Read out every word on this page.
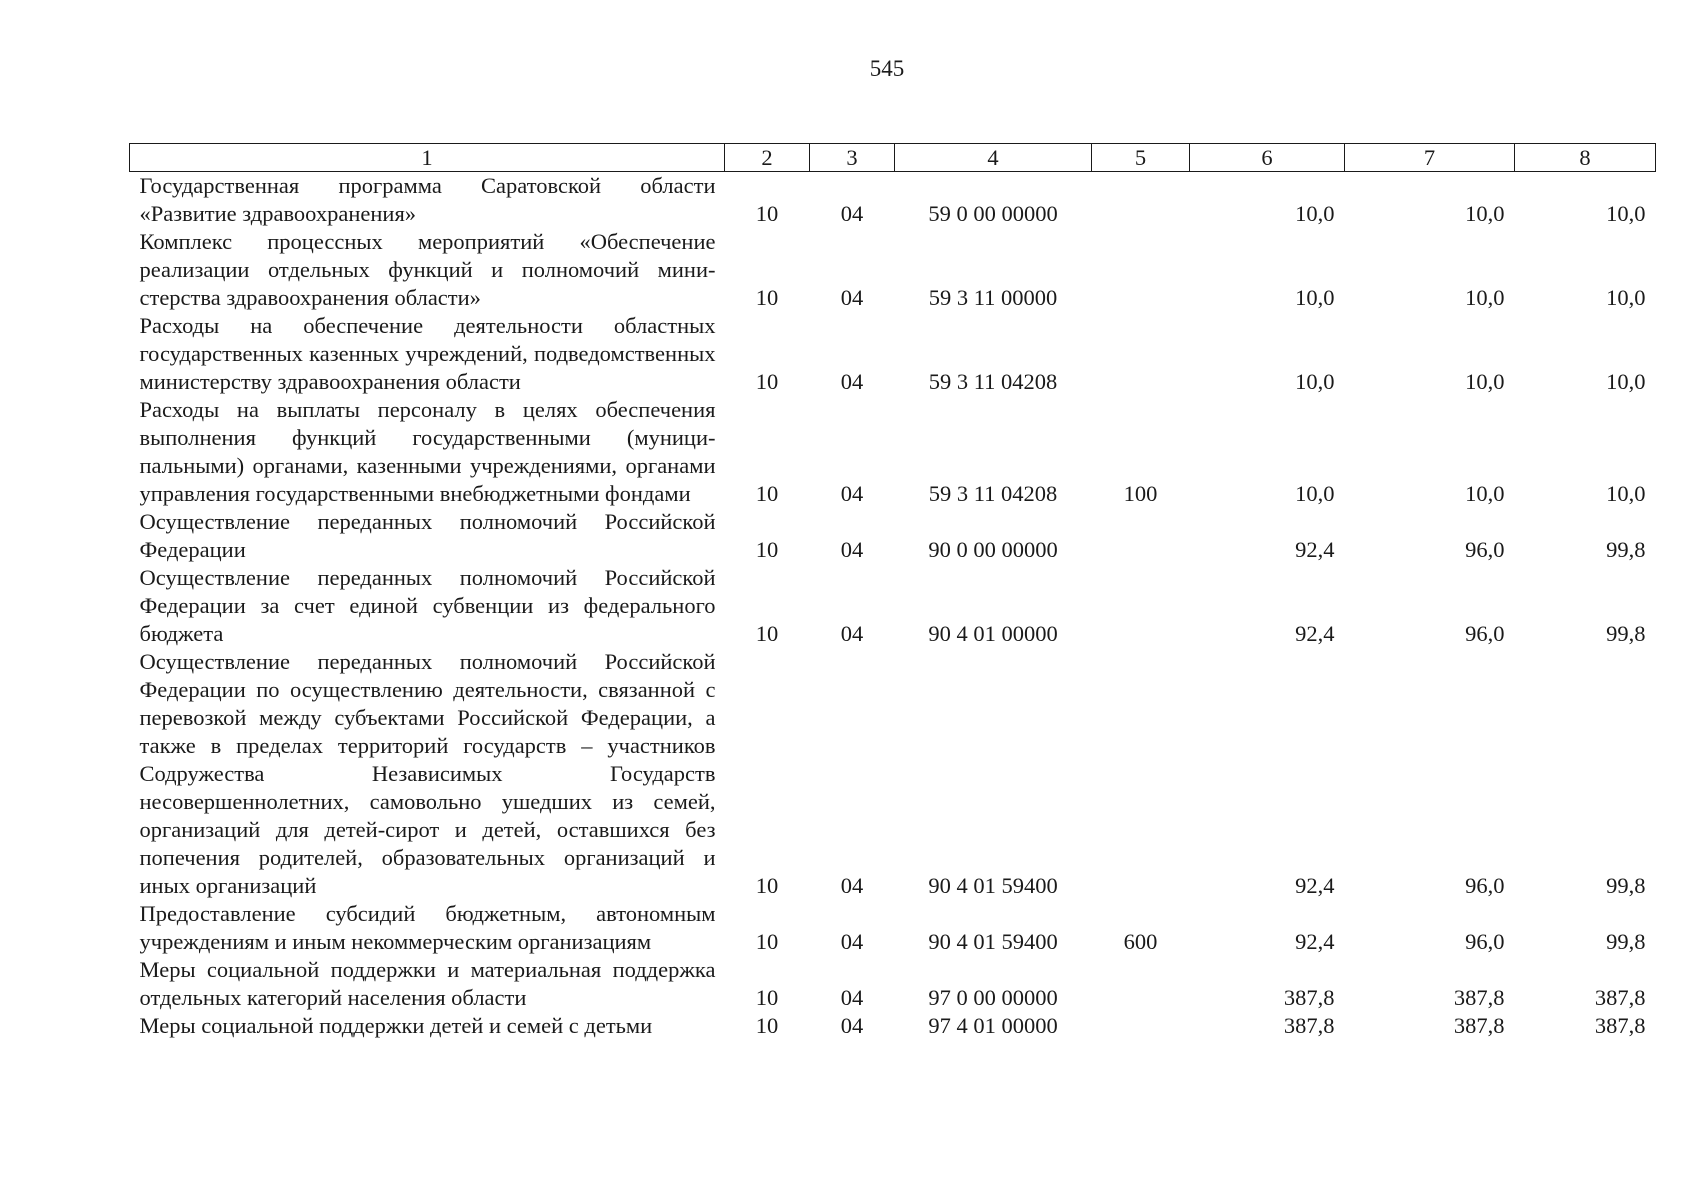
545
1	2	3	4	5	6	7	8
Государственная программа Саратовской области «Развитие здравоохранения»	10	04	59 0 00 00000		10,0	10,0	10,0
Комплекс процессных мероприятий «Обеспечение реализации отдельных функций и полномочий министерства здравоохранения области»	10	04	59 3 11 00000		10,0	10,0	10,0
Расходы на обеспечение деятельности областных государственных казенных учреждений, подведомственных министерству здравоохранения области	10	04	59 3 11 04208		10,0	10,0	10,0
Расходы на выплаты персоналу в целях обеспечения выполнения функций государственными (муниципальными) органами, казенными учреждениями, органами управления государственными внебюджетными фондами	10	04	59 3 11 04208	100	10,0	10,0	10,0
Осуществление переданных полномочий Российской Федерации	10	04	90 0 00 00000		92,4	96,0	99,8
Осуществление переданных полномочий Российской Федерации за счет единой субвенции из федерального бюджета	10	04	90 4 01 00000		92,4	96,0	99,8
Осуществление переданных полномочий Российской Федерации по осуществлению деятельности, связанной с перевозкой между субъектами Российской Федерации, а также в пределах территорий государств – участников Содружества Независимых Государств несовершеннолетних, самовольно ушедших из семей, организаций для детей-сирот и детей, оставшихся без попечения родителей, образовательных организаций и иных организаций	10	04	90 4 01 59400		92,4	96,0	99,8
Предоставление субсидий бюджетным, автономным учреждениям и иным некоммерческим организациям	10	04	90 4 01 59400	600	92,4	96,0	99,8
Меры социальной поддержки и материальная поддержка отдельных категорий населения области	10	04	97 0 00 00000		387,8	387,8	387,8
Меры социальной поддержки детей и семей с детьми	10	04	97 4 01 00000		387,8	387,8	387,8
